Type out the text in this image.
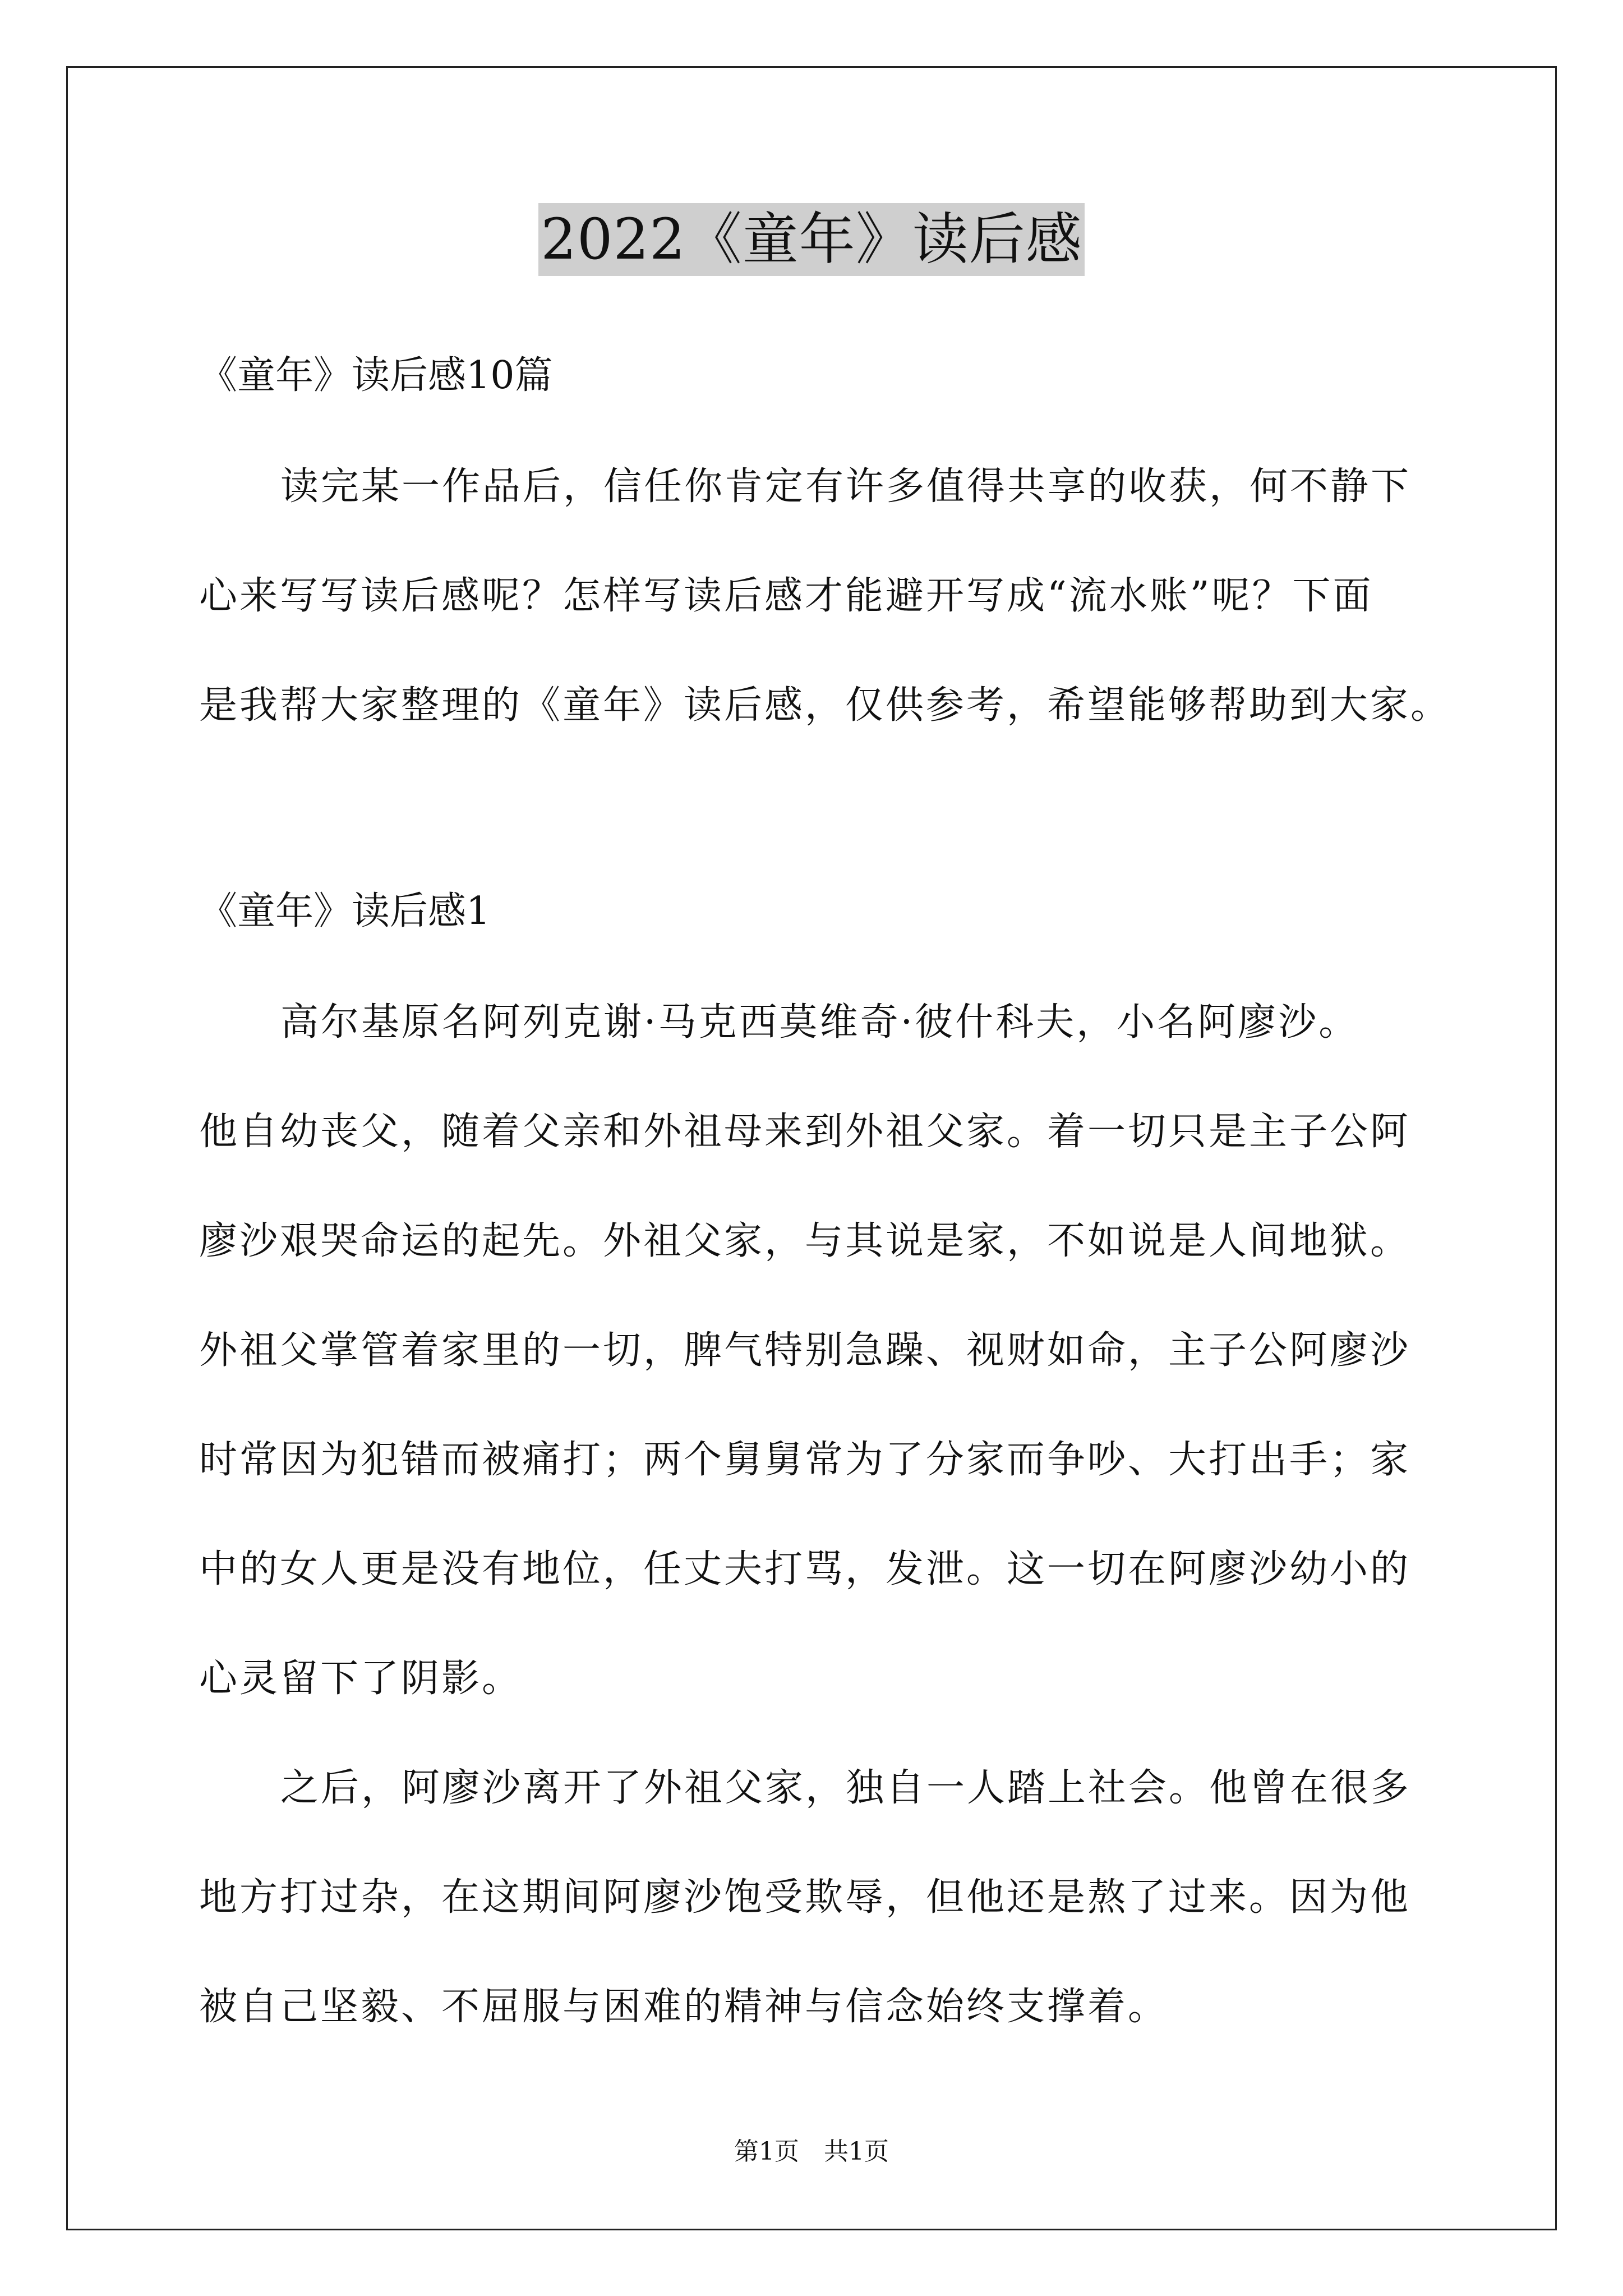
2022《童年》读后感
《童年》读后感10篇
读完某一作品后，信任你肯定有许多值得共享的收获，何不静下
心来写写读后感呢？怎样写读后感才能避开写成“流水账”呢？下面
是我帮大家整理的《童年》读后感，仅供参考，希望能够帮助到大家。
《童年》读后感1
高尔基原名阿列克谢·马克西莫维奇·彼什科夫，小名阿廖沙。
他自幼丧父，随着父亲和外祖母来到外祖父家。着一切只是主子公阿
廖沙艰哭命运的起先。外祖父家，与其说是家，不如说是人间地狱。
外祖父掌管着家里的一切，脾气特别急躁、视财如命，主子公阿廖沙
时常因为犯错而被痛打；两个舅舅常为了分家而争吵、大打出手；家
中的女人更是没有地位，任丈夫打骂，发泄。这一切在阿廖沙幼小的
心灵留下了阴影。
之后，阿廖沙离开了外祖父家，独自一人踏上社会。他曾在很多
地方打过杂，在这期间阿廖沙饱受欺辱，但他还是熬了过来。因为他
被自己坚毅、不屈服与困难的精神与信念始终支撑着。
第1页　共1页
